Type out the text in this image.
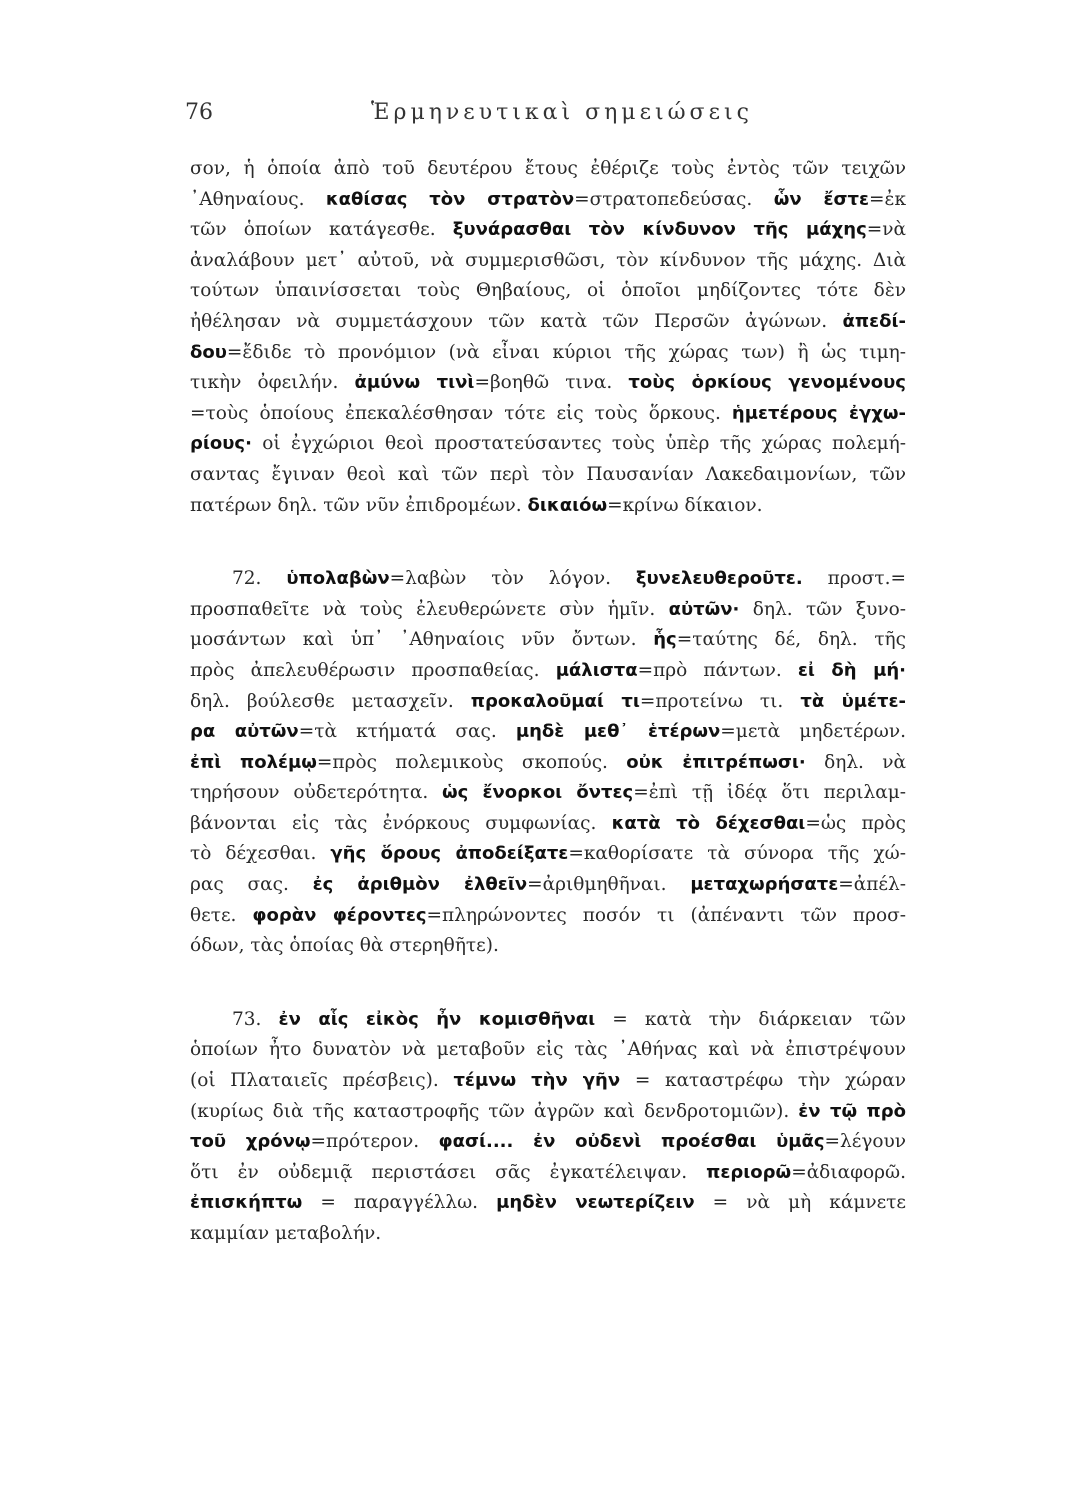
76	Ἑρμηνευτικαὶ σημειώσεις
σον, ἡ ὁποία ἀπὸ τοῦ δευτέρου ἔτους ἐθέριζε τοὺς ἐντὸς τῶν τειχῶν
᾽Αθηναίους. καθίσας τὸν στρατὸν=στρατοπεδεύσας. ὧν ἔστε=ἐκ
τῶν ὁποίων κατάγεσθε. ξυνάρασθαι τὸν κίνδυνον τῆς μάχης=νὰ
ἀναλάβουν μετ᾽ αὐτοῦ, νὰ συμμερισθῶσι, τὸν κίνδυνον τῆς μάχης. Διὰ
τούτων ὑπαινίσσεται τοὺς Θηβαίους, οἱ ὁποῖοι μηδίζοντες τότε δὲν
ἠθέλησαν νὰ συμμετάσχουν τῶν κατὰ τῶν Περσῶν ἀγώνων. ἀπεδί-
δου=ἔδιδε τὸ προνόμιον (νὰ εἶναι κύριοι τῆς χώρας των) ἢ ὡς τιμη-
τικὴν ὀφειλήν. ἀμύνω τινὶ=βοηθῶ τινα. τοὺς ὁρκίους γενομένους
=τοὺς ὁποίους ἐπεκαλέσθησαν τότε εἰς τοὺς ὅρκους. ἡμετέρους ἐγχω-
ρίους· οἱ ἐγχώριοι θεοὶ προστατεύσαντες τοὺς ὑπὲρ τῆς χώρας πολεμή-
σαντας ἔγιναν θεοὶ καὶ τῶν περὶ τὸν Παυσανίαν Λακεδαιμονίων, τῶν
πατέρων δηλ. τῶν νῦν ἐπιδρομέων. δικαιόω=κρίνω δίκαιον.
72. ὑπολαβὼν=λαβὼν τὸν λόγον. ξυνελευθεροῦτε. προστ.=
προσπαθεῖτε νὰ τοὺς ἐλευθερώνετε σὺν ἡμῖν. αὐτῶν· δηλ. τῶν ξυνο-
μοσάντων καὶ ὑπ᾽ ᾽Αθηναίοις νῦν ὄντων. ἧς=ταύτης δέ, δηλ. τῆς
πρὸς ἀπελευθέρωσιν προσπαθείας. μάλιστα=πρὸ πάντων. εἰ δὴ μή·
δηλ. βούλεσθε μετασχεῖν. προκαλοῦμαί τι=προτείνω τι. τὰ ὑμέτε-
ρα αὐτῶν=τὰ κτήματά σας. μηδὲ μεθ᾽ ἑτέρων=μετὰ μηδετέρων.
ἐπὶ πολέμῳ=πρὸς πολεμικοὺς σκοπούς. οὐκ ἐπιτρέπωσι· δηλ. νὰ
τηρήσουν οὐδετερότητα. ὡς ἔνορκοι ὄντες=ἐπὶ τῇ ἰδέᾳ ὅτι περιλαμ-
βάνονται εἰς τὰς ἐνόρκους συμφωνίας. κατὰ τὸ δέχεσθαι=ὡς πρὸς
τὸ δέχεσθαι. γῆς ὅρους ἀποδείξατε=καθορίσατε τὰ σύνορα τῆς χώ-
ρας σας. ἐς ἀριθμὸν ἐλθεῖν=ἀριθμηθῆναι. μεταχωρήσατε=ἀπέλ-
θετε. φορὰν φέροντες=πληρώνοντες ποσόν τι (ἀπέναντι τῶν προσ-
όδων, τὰς ὁποίας θὰ στερηθῆτε).
73. ἐν αἷς εἰκὸς ἦν κομισθῆναι = κατὰ τὴν διάρκειαν τῶν
ὁποίων ἦτο δυνατὸν νὰ μεταβοῦν εἰς τὰς ᾽Αθήνας καὶ νὰ ἐπιστρέψουν
(οἱ Πλαταιεῖς πρέσβεις). τέμνω τὴν γῆν = καταστρέφω τὴν χώραν
(κυρίως διὰ τῆς καταστροφῆς τῶν ἀγρῶν καὶ δενδροτομιῶν). ἐν τῷ πρὸ
τοῦ χρόνῳ=πρότερον. φασί.... ἐν οὐδενὶ προέσθαι ὑμᾶς=λέγουν
ὅτι ἐν οὐδεμιᾷ περιστάσει σᾶς ἐγκατέλειψαν. περιορῶ=ἀδιαφορῶ.
ἐπισκήπτω = παραγγέλλω. μηδὲν νεωτερίζειν = νὰ μὴ κάμνετε
καμμίαν μεταβολήν.
